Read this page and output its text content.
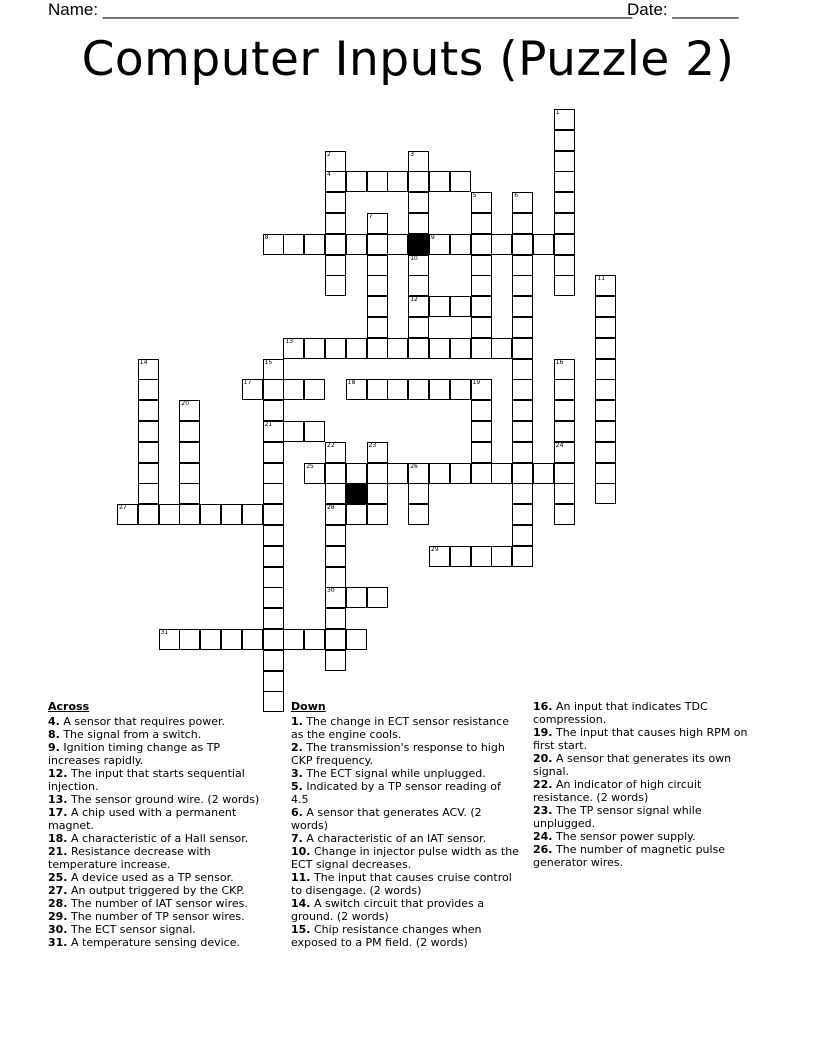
Name: ________________________________________________________
Date: _______
Computer Inputs (Puzzle 2)
1
2
4
3
10
12
5	6
7
8	9
11
13
14	15
21
16
17	18	19
20
22
28
30
23	24
25	26
27
29
31
Across
4. A sensor that requires power.
8. The signal from a switch.
9. Ignition timing change as TP increases rapidly.
12. The input that starts sequential injection.
13. The sensor ground wire. (2 words)
17. A chip used with a permanent magnet.
18. A characteristic of a Hall sensor.
21. Resistance decrease with temperature increase.
25. A device used as a TP sensor.
27. An output triggered by the CKP.
28. The number of IAT sensor wires.
29. The number of TP sensor wires.
30. The ECT sensor signal.
31. A temperature sensing device.
Down
1. The change in ECT sensor resistance as the engine cools.
2. The transmission's response to high CKP frequency.
3. The ECT signal while unplugged.
5. Indicated by a TP sensor reading of 4.5
6. A sensor that generates ACV. (2 words)
7. A characteristic of an IAT sensor.
10. Change in injector pulse width as the ECT signal decreases.
11. The input that causes cruise control to disengage. (2 words)
14. A switch circuit that provides a ground. (2 words)
15. Chip resistance changes when exposed to a PM field. (2 words)
16. An input that indicates TDC compression.
19. The input that causes high RPM on first start.
20. A sensor that generates its own signal.
22. An indicator of high circuit resistance. (2 words)
23. The TP sensor signal while unplugged.
24. The sensor power supply.
26. The number of magnetic pulse generator wires.
